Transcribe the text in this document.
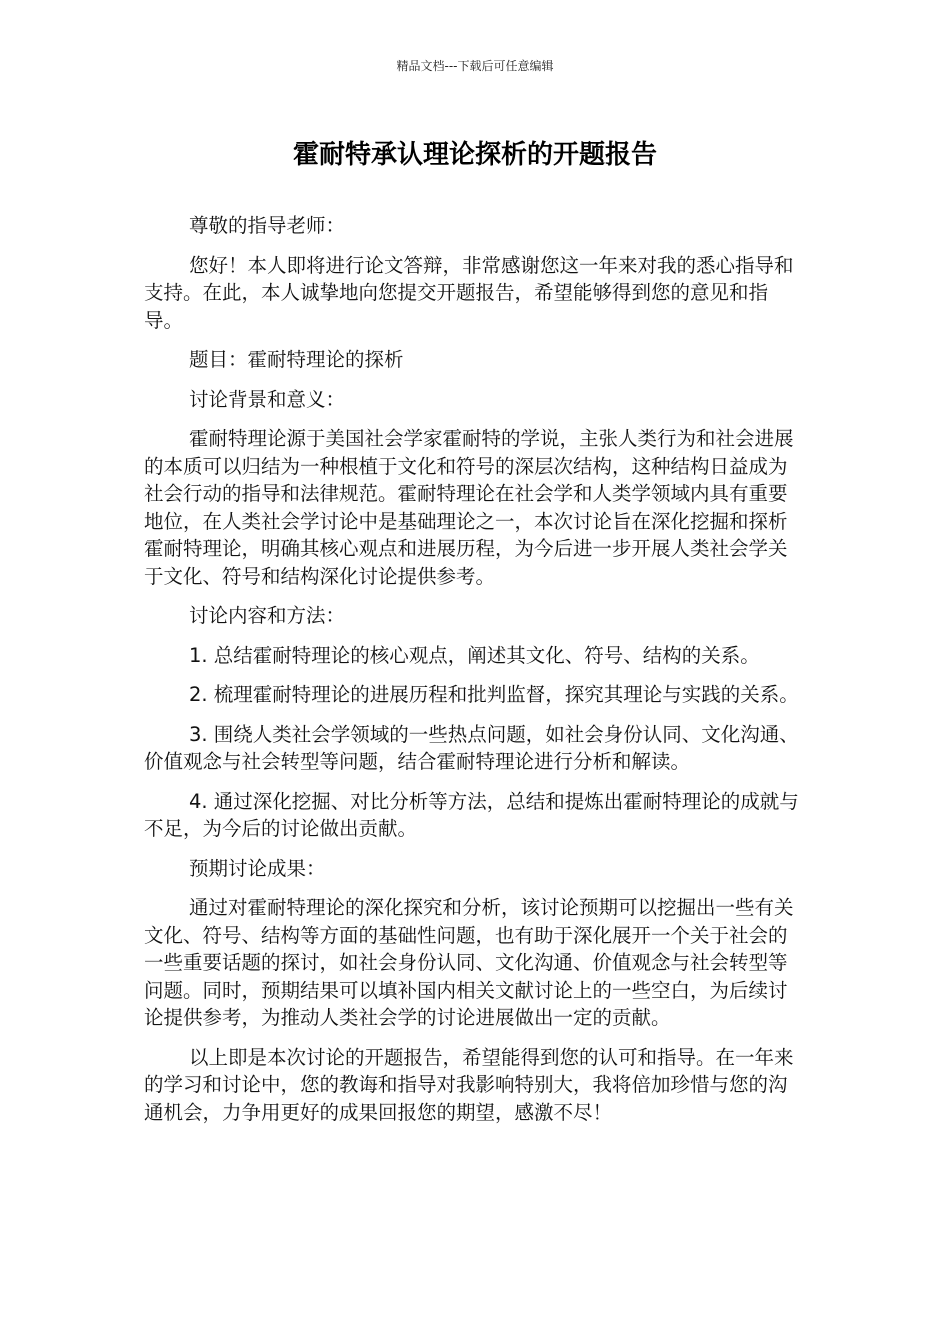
精品文档---下载后可任意编辑
霍耐特承认理论探析的开题报告

尊敬的指导老师：

您好！本人即将进行论文答辩，非常感谢您这一年来对我的悉心指导和支持。在此，本人诚挚地向您提交开题报告，希望能够得到您的意见和指导。

题目：霍耐特理论的探析

讨论背景和意义：

霍耐特理论源于美国社会学家霍耐特的学说，主张人类行为和社会进展的本质可以归结为一种根植于文化和符号的深层次结构，这种结构日益成为社会行动的指导和法律规范。霍耐特理论在社会学和人类学领域内具有重要地位，在人类社会学讨论中是基础理论之一，本次讨论旨在深化挖掘和探析霍耐特理论，明确其核心观点和进展历程，为今后进一步开展人类社会学关于文化、符号和结构深化讨论提供参考。

讨论内容和方法：

1. 总结霍耐特理论的核心观点，阐述其文化、符号、结构的关系。

2. 梳理霍耐特理论的进展历程和批判监督，探究其理论与实践的关系。

3. 围绕人类社会学领域的一些热点问题，如社会身份认同、文化沟通、价值观念与社会转型等问题，结合霍耐特理论进行分析和解读。

4. 通过深化挖掘、对比分析等方法，总结和提炼出霍耐特理论的成就与不足，为今后的讨论做出贡献。

预期讨论成果：

通过对霍耐特理论的深化探究和分析，该讨论预期可以挖掘出一些有关文化、符号、结构等方面的基础性问题，也有助于深化展开一个关于社会的一些重要话题的探讨，如社会身份认同、文化沟通、价值观念与社会转型等问题。同时，预期结果可以填补国内相关文献讨论上的一些空白，为后续讨论提供参考，为推动人类社会学的讨论进展做出一定的贡献。

以上即是本次讨论的开题报告，希望能得到您的认可和指导。在一年来的学习和讨论中，您的教诲和指导对我影响特别大，我将倍加珍惜与您的沟通机会，力争用更好的成果回报您的期望，感激不尽！
